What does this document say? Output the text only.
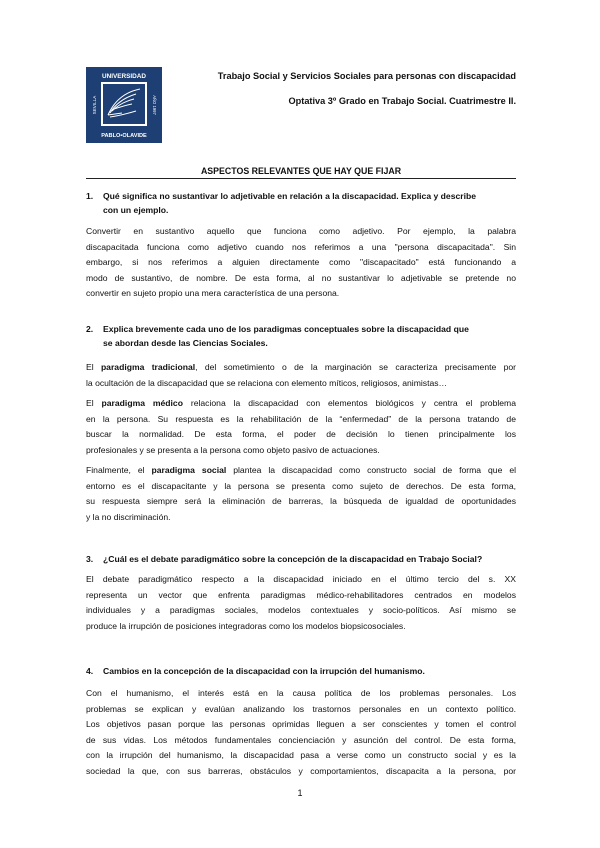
UNIVERSIDAD
PABLO•OLAVIDE
SEVILLA	AÑO 1997
Trabajo Social y Servicios Sociales para personas con discapacidad
Optativa 3º Grado en Trabajo Social. Cuatrimestre II.
ASPECTOS RELEVANTES QUE HAY QUE FIJAR
1.	Qué significa no sustantivar lo adjetivable en relación a la discapacidad. Explica y describe
con un ejemplo.
Convertir en sustantivo aquello que funciona como adjetivo. Por ejemplo, la palabra
discapacitada funciona como adjetivo cuando nos referimos a una "persona discapacitada". Sin
embargo, si nos referimos a alguien directamente como "discapacitado" está funcionando a
modo de sustantivo, de nombre. De esta forma, al no sustantivar lo adjetivable se pretende no
convertir en sujeto propio una mera característica de una persona.
2.	Explica brevemente cada uno de los paradigmas conceptuales sobre la discapacidad que
se abordan desde las Ciencias Sociales.
El paradigma tradicional, del sometimiento o de la marginación se caracteriza precisamente por
la ocultación de la discapacidad que se relaciona con elemento míticos, religiosos, animistas…
El paradigma médico relaciona la discapacidad con elementos biológicos y centra el problema
en la persona. Su respuesta es la rehabilitación de la “enfermedad” de la persona tratando de
buscar la normalidad. De esta forma, el poder de decisión lo tienen principalmente los
profesionales y se presenta a la persona como objeto pasivo de actuaciones.
Finalmente, el paradigma social plantea la discapacidad como constructo social de forma que el
entorno es el discapacitante y la persona se presenta como sujeto de derechos. De esta forma,
su respuesta siempre será la eliminación de barreras, la búsqueda de igualdad de oportunidades
y la no discriminación.
3.	¿Cuál es el debate paradigmático sobre la concepción de la discapacidad en Trabajo Social?
El debate paradigmático respecto a la discapacidad iniciado en el último tercio del s. XX
representa un vector que enfrenta paradigmas médico-rehabilitadores centrados en modelos
individuales y a paradigmas sociales, modelos contextuales y socio-políticos. Así mismo se
produce la irrupción de posiciones integradoras como los modelos biopsicosociales.
4.	Cambios en la concepción de la discapacidad con la irrupción del humanismo.
Con el humanismo, el interés está en la causa política de los problemas personales. Los
problemas se explican y evalúan analizando los trastornos personales en un contexto político.
Los objetivos pasan porque las personas oprimidas lleguen a ser conscientes y tomen el control
de sus vidas. Los métodos fundamentales concienciación y asunción del control. De esta forma,
con la irrupción del humanismo, la discapacidad pasa a verse como un constructo social y es la
sociedad la que, con sus barreras, obstáculos y comportamientos, discapacita a la persona, por
1
